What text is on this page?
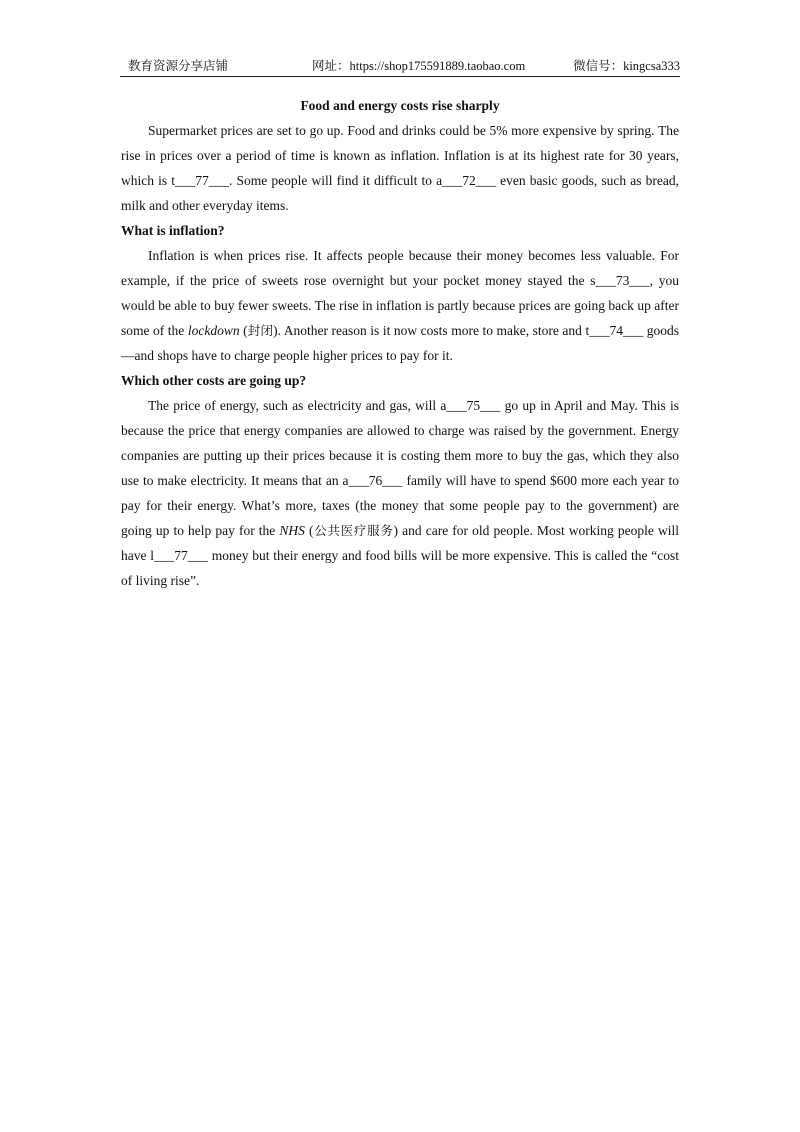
教育资源分享店铺	网址：https://shop175591889.taobao.com	微信号：kingcsa333
Food and energy costs rise sharply

Supermarket prices are set to go up. Food and drinks could be 5% more expensive by spring. The rise in prices over a period of time is known as inflation. Inflation is at its highest rate for 30 years, which is t___77___. Some people will find it difficult to a___72___ even basic goods, such as bread, milk and other everyday items.

What is inflation?

Inflation is when prices rise. It affects people because their money becomes less valuable. For example, if the price of sweets rose overnight but your pocket money stayed the s___73___, you would be able to buy fewer sweets. The rise in inflation is partly because prices are going back up after some of the lockdown (封闭). Another reason is it now costs more to make, store and t___74___ goods—and shops have to charge people higher prices to pay for it.

Which other costs are going up?

The price of energy, such as electricity and gas, will a___75___ go up in April and May. This is because the price that energy companies are allowed to charge was raised by the government. Energy companies are putting up their prices because it is costing them more to buy the gas, which they also use to make electricity. It means that an a___76___ family will have to spend $600 more each year to pay for their energy. What’s more, taxes (the money that some people pay to the government) are going up to help pay for the NHS (公共医疗服务) and care for old people. Most working people will have l___77___ money but their energy and food bills will be more expensive. This is called the “cost of living rise”.
